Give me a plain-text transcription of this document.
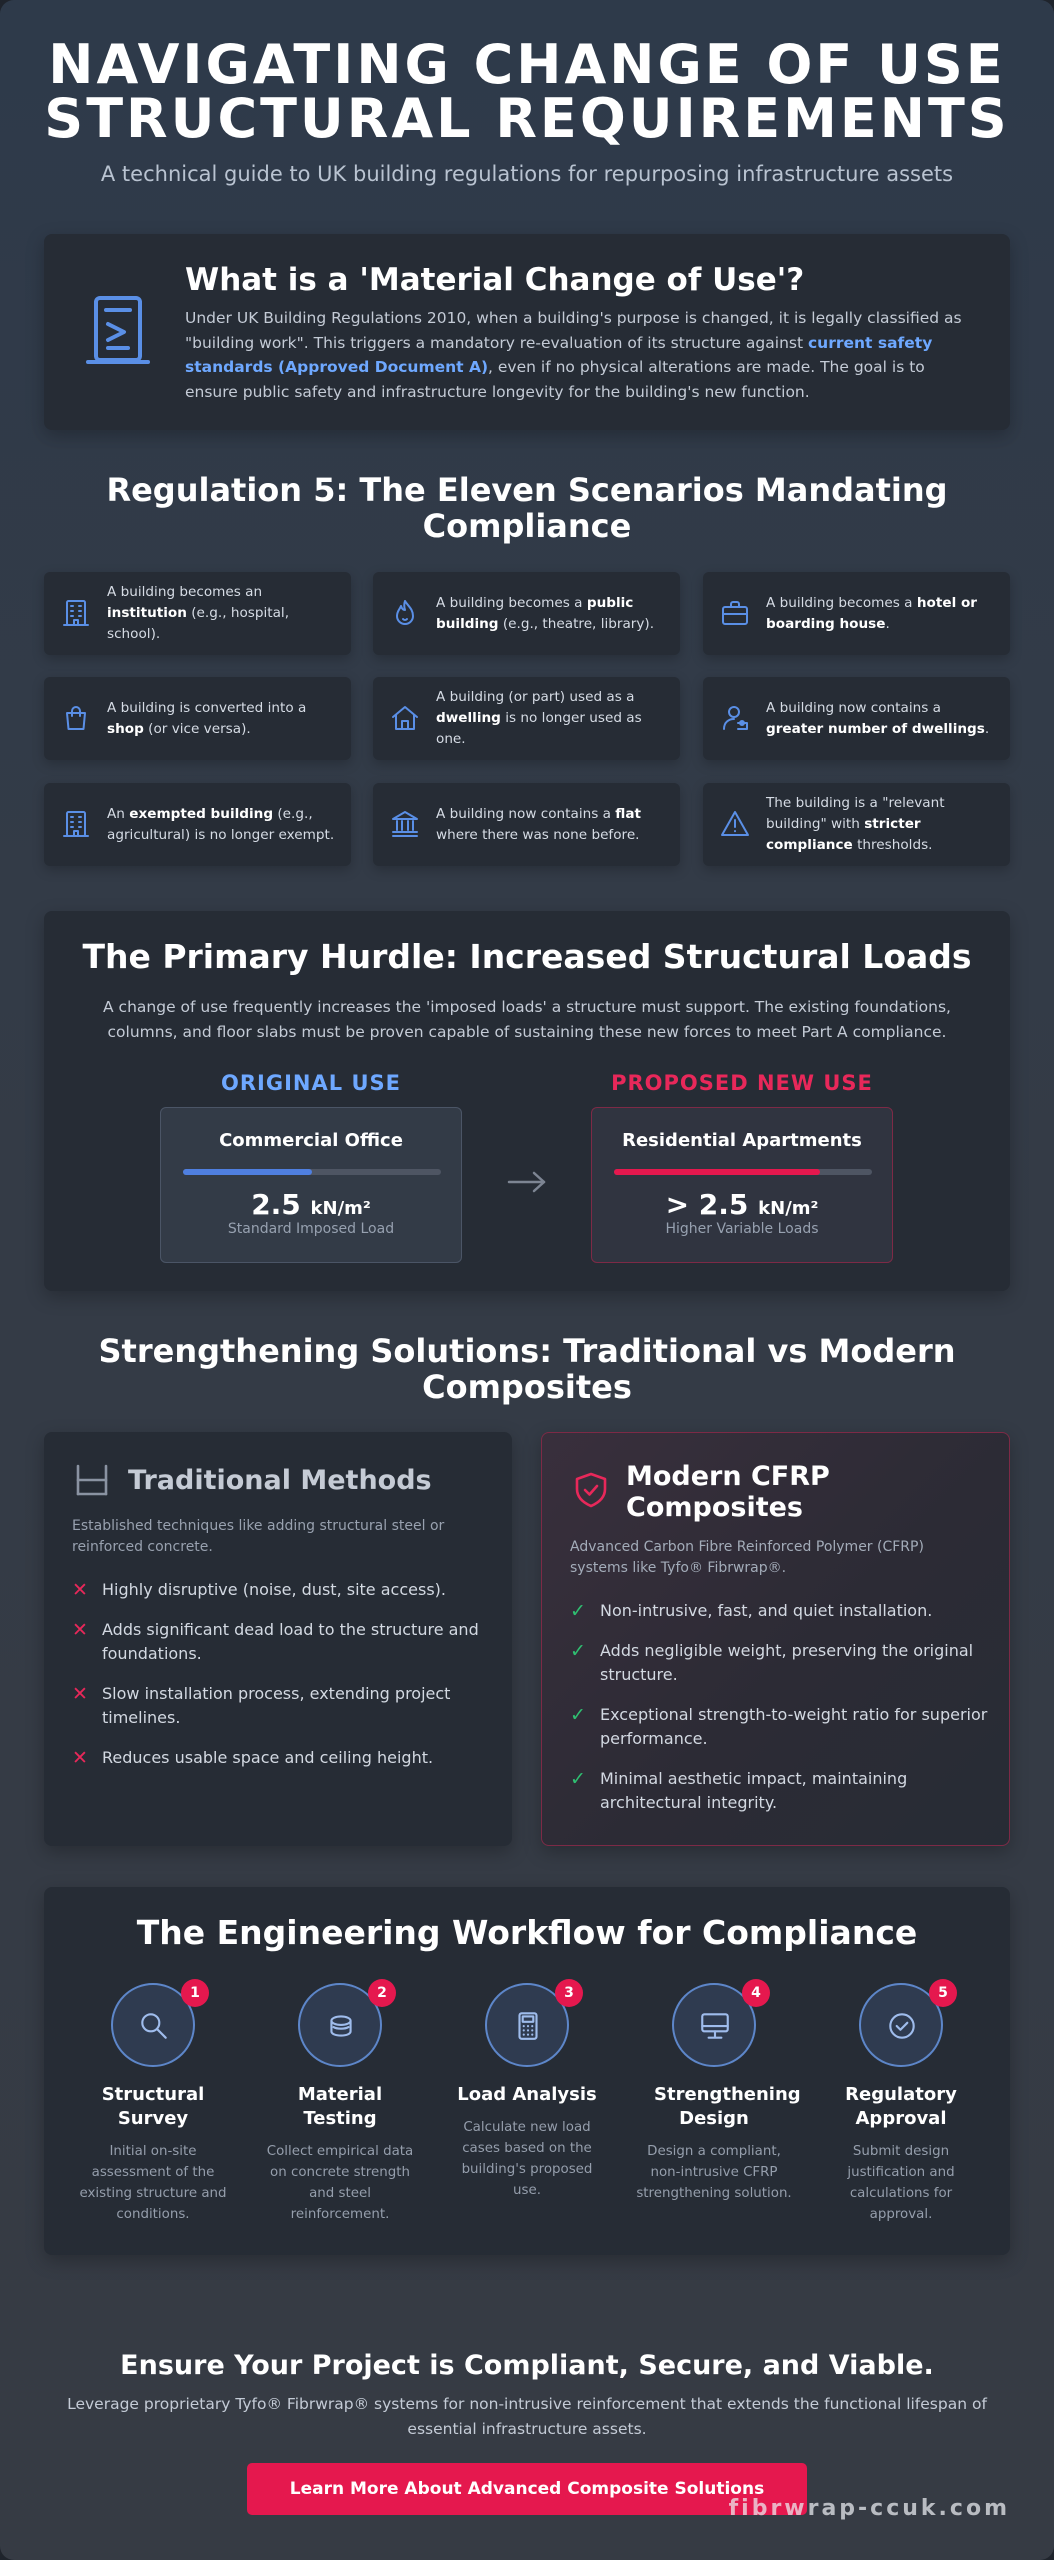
NAVIGATING CHANGE OF USE
STRUCTURAL REQUIREMENTS
A technical guide to UK building regulations for repurposing infrastructure assets
What is a 'Material Change of Use'?

Under UK Building Regulations 2010, when a building's purpose is changed, it is legally classified as "building work". This triggers a mandatory re-evaluation of its structure against current safety standards (Approved Document A), even if no physical alterations are made. The goal is to ensure public safety and infrastructure longevity for the building's new function.

Regulation 5: The Eleven Scenarios Mandating Compliance
A building becomes an institution (e.g., hospital, school).
A building becomes a public building (e.g., theatre, library).
A building becomes a hotel or boarding house.
A building is converted into a shop (or vice versa).
A building (or part) used as a dwelling is no longer used as one.
A building now contains a greater number of dwellings.
An exempted building (e.g., agricultural) is no longer exempt.
A building now contains a flat where there was none before.
The building is a "relevant building" with stricter compliance thresholds.
The Primary Hurdle: Increased Structural Loads
A change of use frequently increases the 'imposed loads' a structure must support. The existing foundations, columns, and floor slabs must be proven capable of sustaining these new forces to meet Part A compliance.
ORIGINAL USE
Commercial Office
2.5 kN/m²
Standard Imposed Load
PROPOSED NEW USE
Residential Apartments
> 2.5 kN/m²
Higher Variable Loads
Strengthening Solutions: Traditional vs Modern Composites
Traditional Methods
Established techniques like adding structural steel or reinforced concrete.
✕ Highly disruptive (noise, dust, site access).
✕ Adds significant dead load to the structure and foundations.
✕ Slow installation process, extending project timelines.
✕ Reduces usable space and ceiling height.
Modern CFRP
Composites
Advanced Carbon Fibre Reinforced Polymer (CFRP) systems like Tyfo® Fibrwrap®.
✓ Non-intrusive, fast, and quiet installation.
✓ Adds negligible weight, preserving the original structure.
✓ Exceptional strength-to-weight ratio for superior performance.
✓ Minimal aesthetic impact, maintaining architectural integrity.
The Engineering Workflow for Compliance
1
Structural Survey
Initial on-site assessment of the existing structure and conditions.
2
Material Testing
Collect empirical data on concrete strength and steel reinforcement.
3
Load Analysis
Calculate new load cases based on the building's proposed use.
4
Strengthening Design
Design a compliant, non-intrusive CFRP strengthening solution.
5
Regulatory Approval
Submit design justification and calculations for approval.
Ensure Your Project is Compliant, Secure, and Viable.
Leverage proprietary Tyfo® Fibrwrap® systems for non-intrusive reinforcement that extends the functional lifespan of essential infrastructure assets.
Learn More About Advanced Composite Solutions
fibrwrap-ccuk.com
